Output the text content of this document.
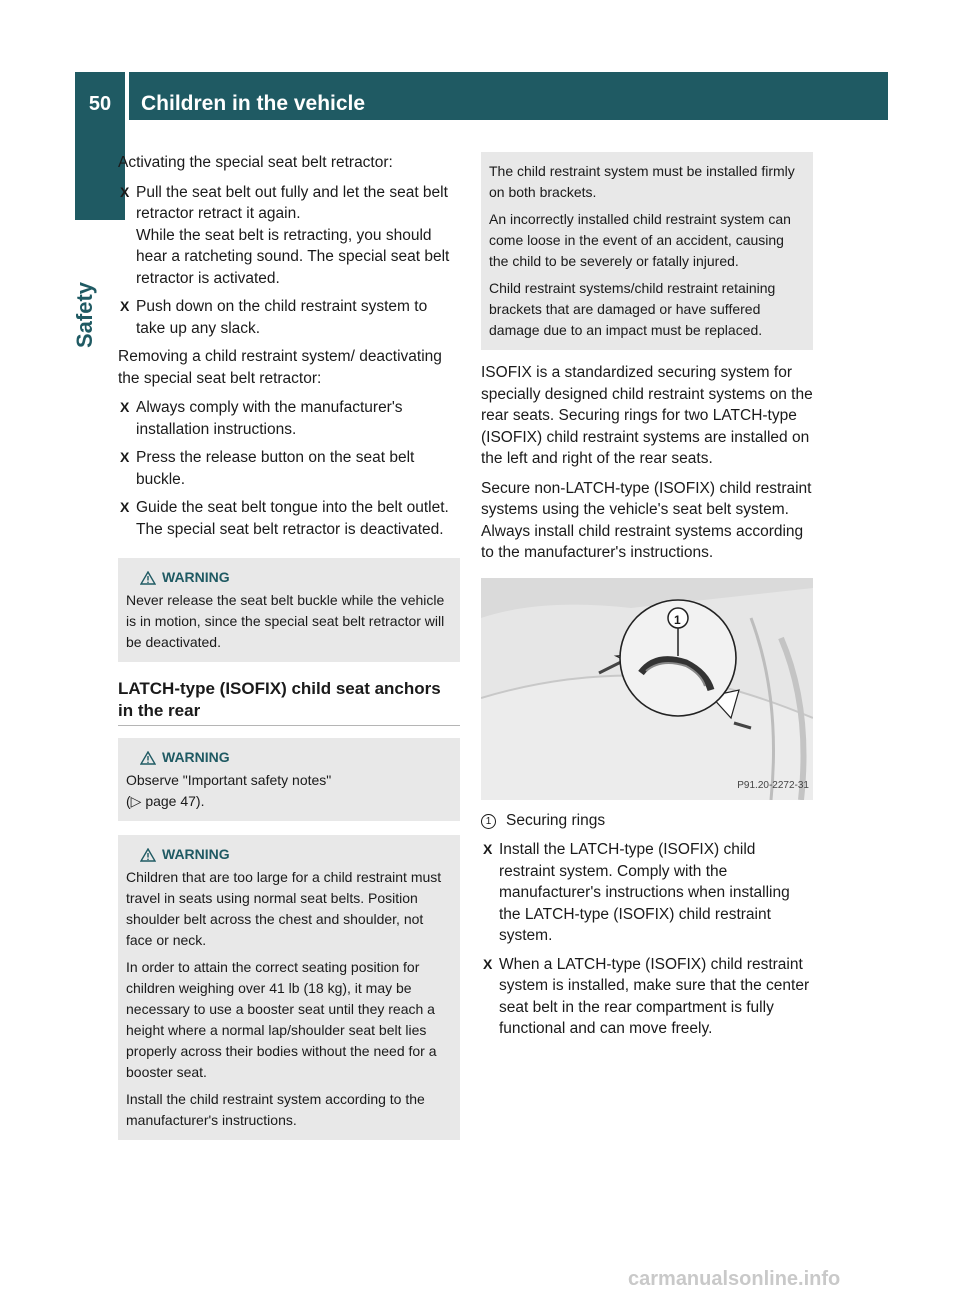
50	Children in the vehicle
Safety

Activating the special seat belt retractor:

X Pull the seat belt out fully and let the seat belt retractor retract it again.
While the seat belt is retracting, you should hear a ratcheting sound. The special seat belt retractor is activated.
X Push down on the child restraint system to take up any slack.

Removing a child restraint system/ deactivating the special seat belt retractor:

X Always comply with the manufacturer's installation instructions.
X Press the release button on the seat belt buckle.
X Guide the seat belt tongue into the belt outlet.
The special seat belt retractor is deactivated.
WARNING

Never release the seat belt buckle while the vehicle is in motion, since the special seat belt retractor will be deactivated.

LATCH-type (ISOFIX) child seat anchors in the rear
WARNING

Observe "Important safety notes"

(▷ page 47).

WARNING

Children that are too large for a child restraint must travel in seats using normal seat belts. Position shoulder belt across the chest and shoulder, not face or neck.

In order to attain the correct seating position for children weighing over 41 lb (18 kg), it may be necessary to use a booster seat until they reach a height where a normal lap/shoulder seat belt lies properly across their bodies without the need for a booster seat.

Install the child restraint system according to the manufacturer's instructions.

The child restraint system must be installed firmly on both brackets.

An incorrectly installed child restraint system can come loose in the event of an accident, causing the child to be severely or fatally injured.

Child restraint systems/child restraint retaining brackets that are damaged or have suffered damage due to an impact must be replaced.

ISOFIX is a standardized securing system for specially designed child restraint systems on the rear seats. Securing rings for two LATCH-type (ISOFIX) child restraint systems are installed on the left and right of the rear seats.

Secure non-LATCH-type (ISOFIX) child restraint systems using the vehicle's seat belt system. Always install child restraint systems according to the manufacturer's instructions.

1
P91.20-2272-31

1 Securing rings

X Install the LATCH-type (ISOFIX) child restraint system. Comply with the manufacturer's instructions when installing the LATCH-type (ISOFIX) child restraint system.
X When a LATCH-type (ISOFIX) child restraint system is installed, make sure that the center seat belt in the rear compartment is fully functional and can move freely.
carmanualsonline.info
